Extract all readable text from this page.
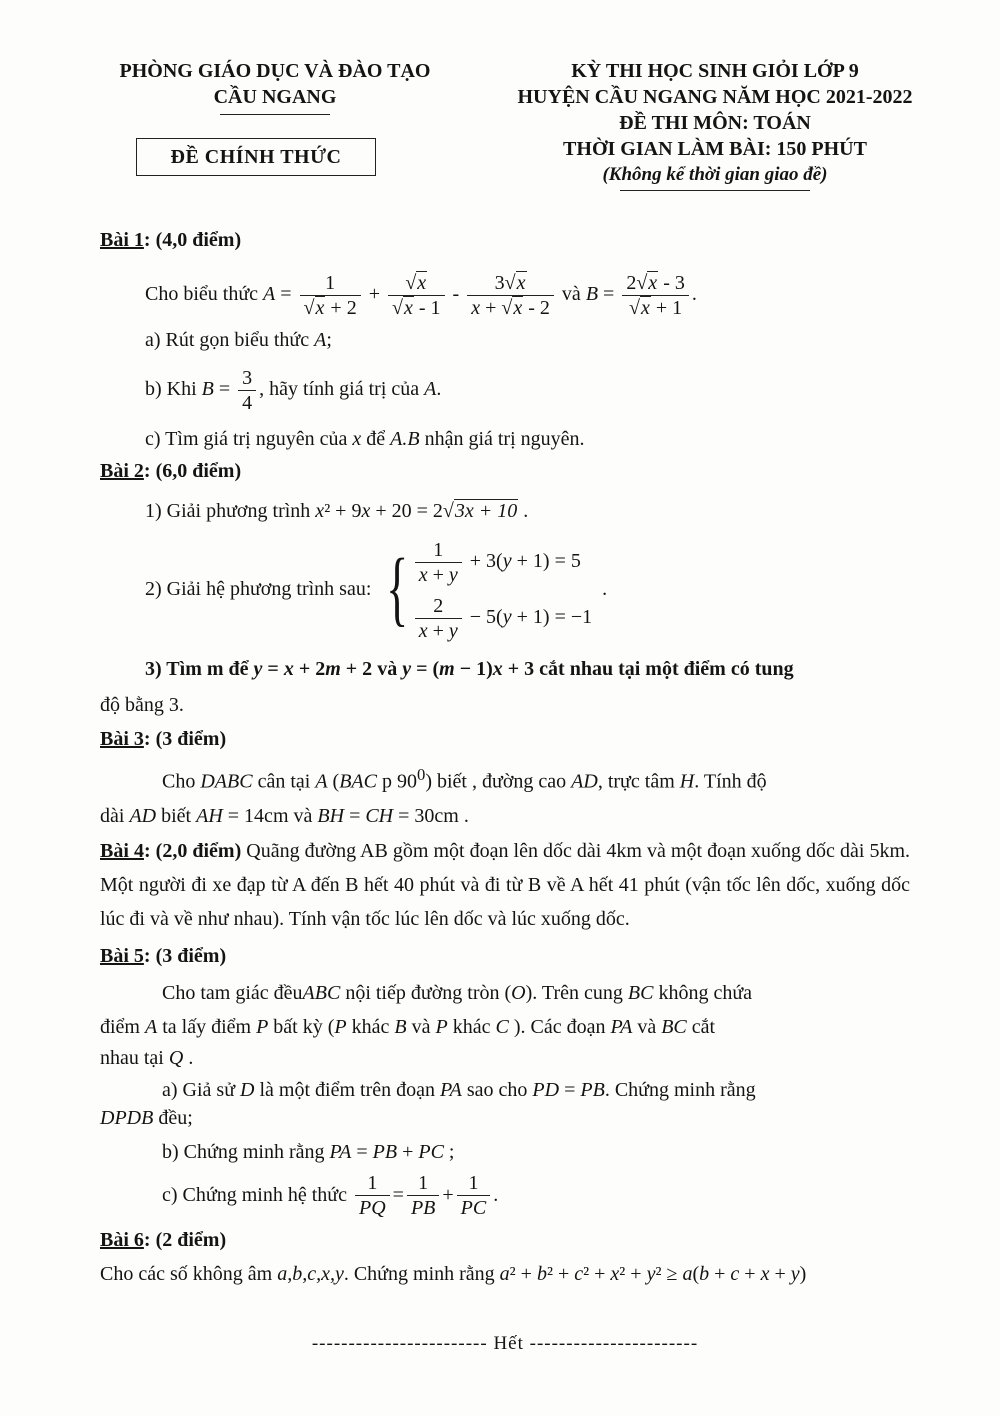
PHÒNG GIÁO DỤC VÀ ĐÀO TẠO
CẦU NGANG
ĐỀ CHÍNH THỨC
KỲ THI HỌC SINH GIỎI LỚP 9
HUYỆN CẦU NGANG NĂM HỌC 2021-2022
ĐỀ THI MÔN: TOÁN
THỜI GIAN LÀM BÀI: 150 PHÚT
(Không kể thời gian giao đề)
Bài 1: (4,0 điểm)
Cho biểu thức $A = \frac{1}{√x + 2} + \frac{√x}{√x - 1} - \frac{3√x}{x + √x - 2}$ và $B = \frac{2√x - 3}{√x + 1}$ .
a) Rút gọn biểu thức A;
b) Khi $B = \frac{3}{4}$ , hãy tính giá trị của A.
c) Tìm giá trị nguyên của x để A.B nhận giá trị nguyên.
Bài 2: (6,0 điểm)
1) Giải phương trình x² + 9x + 20 = 2√3x + 10 .
2) Giải hệ phương trình sau: { $\frac{1}{x + y} + 3(y + 1) = 5$
$\frac{2}{x + y} - 5(y + 1) = -1$
.
3) Tìm m để y = x + 2m + 2 và y = (m − 1)x + 3 cắt nhau tại một điểm có tung
độ bằng 3.
Bài 3: (3 điểm)
Cho DABC cân tại A (BAC p $90^0$) biết , đường cao AD, trực tâm H. Tính độ
dài AD biết AH = 14cm và BH = CH = 30cm .
Bài 4: (2,0 điểm) Quãng đường AB gồm một đoạn lên dốc dài 4km và một đoạn xuống dốc dài 5km. Một người đi xe đạp từ A đến B hết 40 phút và đi từ B về A hết 41 phút (vận tốc lên dốc, xuống dốc lúc đi và về như nhau). Tính vận tốc lúc lên dốc và lúc xuống dốc.
Bài 5: (3 điểm)
Cho tam giác đềuABC nội tiếp đường tròn (O). Trên cung BC không chứa
điểm A ta lấy điểm P bất kỳ (P khác B và P khác C ). Các đoạn PA và BC cắt
nhau tại Q .
a) Giả sử D là một điểm trên đoạn PA sao cho PD = PB. Chứng minh rằng
DPDB đều;
b) Chứng minh rằng PA = PB + PC ;
c) Chứng minh hệ thức $\frac{1}{PQ} = \frac{1}{PB} + \frac{1}{PC}$ .
Bài 6: (2 điểm)
Cho các số không âm a,b,c,x,y. Chứng minh rằng a² + b² + c² + x² + y² ≥ a(b + c + x + y)
------------------------ Hết -----------------------
